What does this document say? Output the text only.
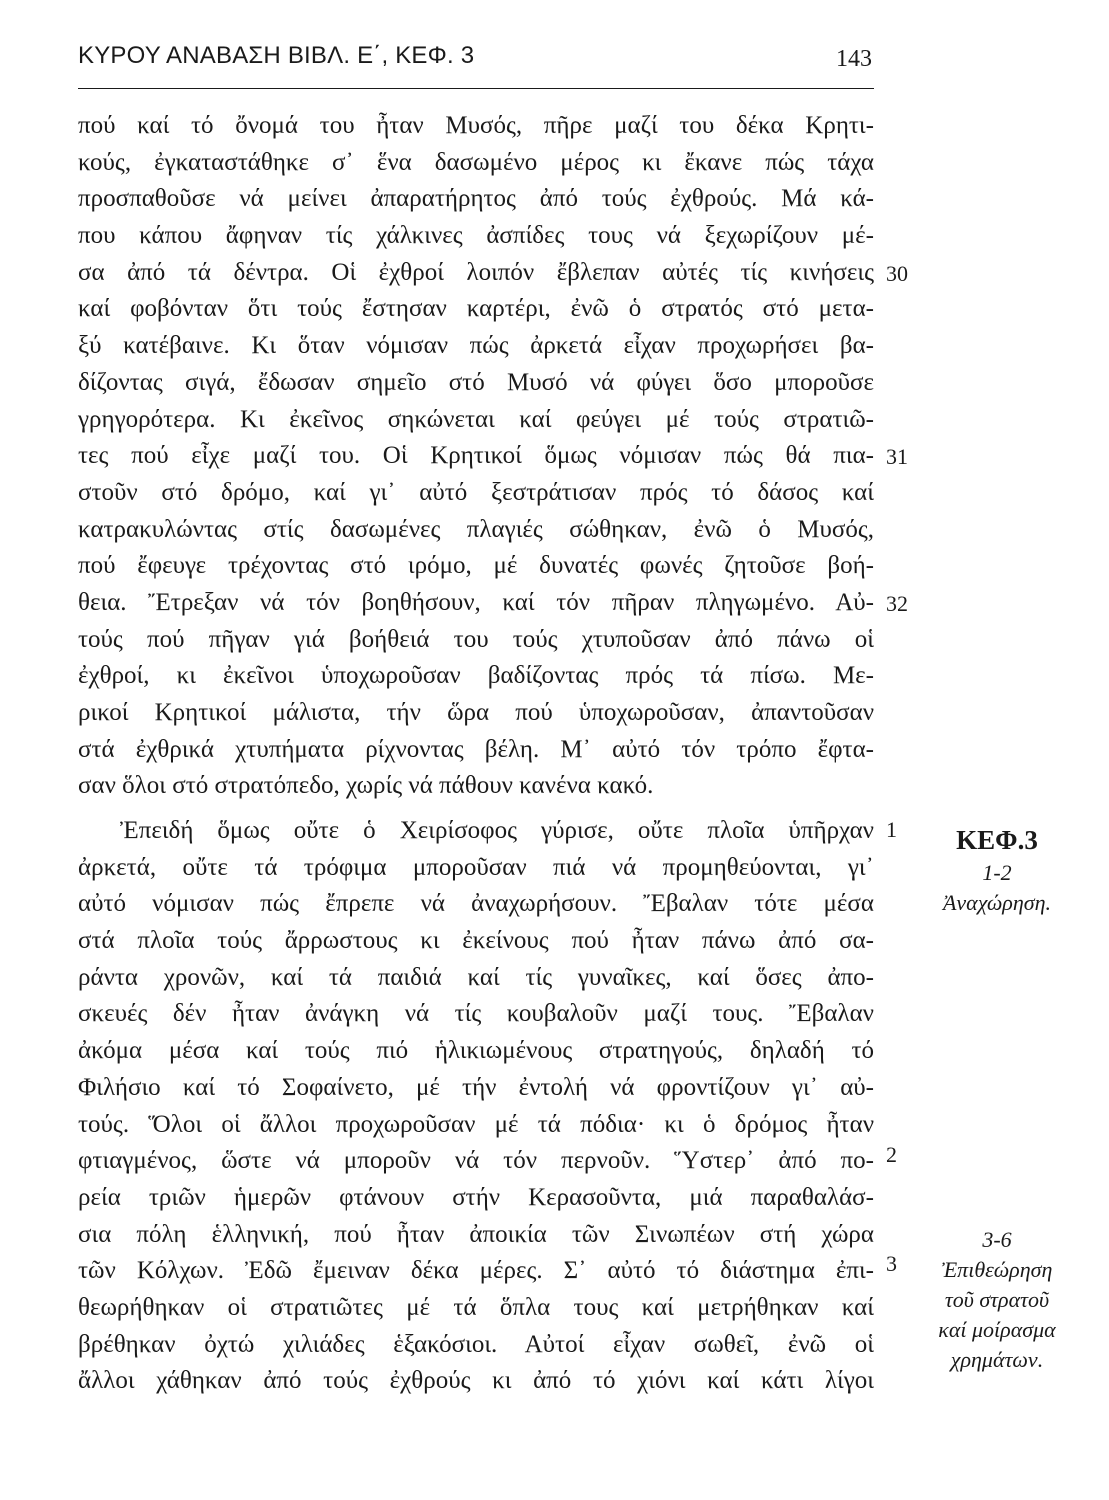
ΚΥΡΟΥ ΑΝΑΒΑΣΗ ΒΙΒΛ. Ε΄, ΚΕΦ. 3	143
πού καί τό ὄνομά του ἦταν Μυσός, πῆρε μαζί του δέκα Κρητι-
κούς, ἐγκαταστάθηκε σ᾿ ἕνα δασωμένο μέρος κι ἔκανε πώς τάχα
προσπαθοῦσε νά μείνει ἀπαρατήρητος ἀπό τούς ἐχθρούς. Μά κά-
που κάπου ἄφηναν τίς χάλκινες ἀσπίδες τους νά ξεχωρίζουν μέ-
σα ἀπό τά δέντρα. Οἱ ἐχθροί λοιπόν ἔβλεπαν αὐτές τίς κινήσεις
καί φοβόνταν ὅτι τούς ἔστησαν καρτέρι, ἐνῶ ὁ στρατός στό μετα-
ξύ κατέβαινε. Κι ὅταν νόμισαν πώς ἀρκετά εἶχαν προχωρήσει βα-
δίζοντας σιγά, ἔδωσαν σημεῖο στό Μυσό νά φύγει ὅσο μποροῦσε
γρηγορότερα. Κι ἐκεῖνος σηκώνεται καί φεύγει μέ τούς στρατιῶ-
τες πού εἶχε μαζί του. Οἱ Κρητικοί ὅμως νόμισαν πώς θά πια-
στοῦν στό δρόμο, καί γι᾿ αὐτό ξεστράτισαν πρός τό δάσος καί
κατρακυλώντας στίς δασωμένες πλαγιές σώθηκαν, ἐνῶ ὁ Μυσός,
πού ἔφευγε τρέχοντας στό ιρόμο, μέ δυνατές φωνές ζητοῦσε βοή-
θεια. Ἔτρεξαν νά τόν βοηθήσουν, καί τόν πῆραν πληγωμένο. Αὐ-
τούς πού πῆγαν γιά βοήθειά του τούς χτυποῦσαν ἀπό πάνω οἱ
ἐχθροί, κι ἐκεῖνοι ὑποχωροῦσαν βαδίζοντας πρός τά πίσω. Με-
ρικοί Κρητικοί μάλιστα, τήν ὥρα πού ὑποχωροῦσαν, ἀπαντοῦσαν
στά ἐχθρικά χτυπήματα ρίχνοντας βέλη. Μ᾿ αὐτό τόν τρόπο ἔφτα-
σαν ὅλοι στό στρατόπεδο, χωρίς νά πάθουν κανένα κακό.
Ἐπειδή ὅμως οὔτε ὁ Χειρίσοφος γύρισε, οὔτε πλοῖα ὑπῆρχαν
ἀρκετά, οὔτε τά τρόφιμα μποροῦσαν πιά νά προμηθεύονται, γι᾿
αὐτό νόμισαν πώς ἔπρεπε νά ἀναχωρήσουν. Ἔβαλαν τότε μέσα
στά πλοῖα τούς ἄρρωστους κι ἐκείνους πού ἦταν πάνω ἀπό σα-
ράντα χρονῶν, καί τά παιδιά καί τίς γυναῖκες, καί ὅσες ἀπο-
σκευές δέν ἦταν ἀνάγκη νά τίς κουβαλοῦν μαζί τους. Ἔβαλαν
ἀκόμα μέσα καί τούς πιό ἡλικιωμένους στρατηγούς, δηλαδή τό
Φιλήσιο καί τό Σοφαίνετο, μέ τήν ἐντολή νά φροντίζουν γι᾿ αὐ-
τούς. Ὅλοι οἱ ἄλλοι προχωροῦσαν μέ τά πόδια· κι ὁ δρόμος ἦταν
φτιαγμένος, ὥστε νά μποροῦν νά τόν περνοῦν. Ὕστερ᾿ ἀπό πο-
ρεία τριῶν ἡμερῶν φτάνουν στήν Κερασοῦντα, μιά παραθαλάσ-
σια πόλη ἑλληνική, πού ἦταν ἀποικία τῶν Σινωπέων στή χώρα
τῶν Κόλχων. Ἐδῶ ἔμειναν δέκα μέρες. Σ᾿ αὐτό τό διάστημα ἐπι-
θεωρήθηκαν οἱ στρατιῶτες μέ τά ὅπλα τους καί μετρήθηκαν καί
βρέθηκαν ὀχτώ χιλιάδες ἑξακόσιοι. Αὐτοί εἶχαν σωθεῖ, ἐνῶ οἱ
ἄλλοι χάθηκαν ἀπό τούς ἐχθρούς κι ἀπό τό χιόνι καί κάτι λίγοι
30
31
32
1
2
3
ΚΕΦ.3
1-2
Ἀναχώρηση.
3-6
Ἐπιθεώρηση
τοῦ στρατοῦ
καί μοίρασμα
χρημάτων.
